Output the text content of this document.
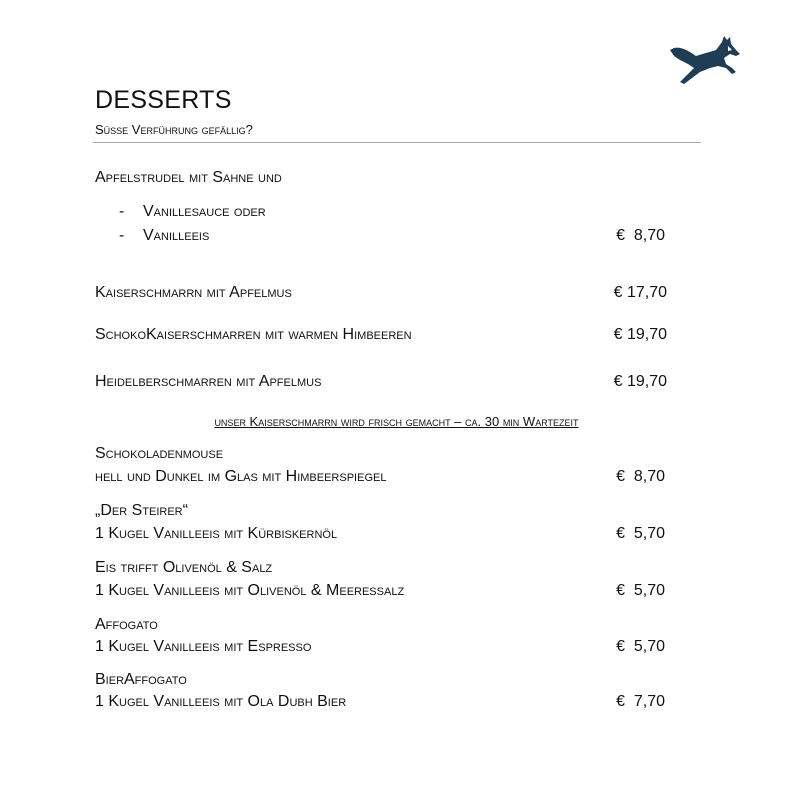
DESSERTS
Süße Verführung gefällig?
Apfelstrudel mit Sahne und
- Vanillesauce oder
- Vanilleeis	€  8,70
Kaiserschmarrn mit Apfelmus	€ 17,70
SchokoKaiserschmarren mit warmen Himbeeren	€ 19,70
Heidelberschmarren mit Apfelmus	€ 19,70
unser Kaiserschmarrn wird frisch gemacht – ca. 30 min Wartezeit
Schokoladenmouse
hell und Dunkel im Glas mit Himbeerspiegel	€  8,70
„Der Steirer“
1 Kugel Vanilleeis mit Kürbiskernöl	€  5,70
Eis trifft Olivenöl & Salz
1 Kugel Vanilleeis mit Olivenöl & Meeressalz	€  5,70
Affogato
1 Kugel Vanilleeis mit Espresso	€  5,70
BierAffogato
1 Kugel Vanilleeis mit Ola Dubh Bier	€  7,70
